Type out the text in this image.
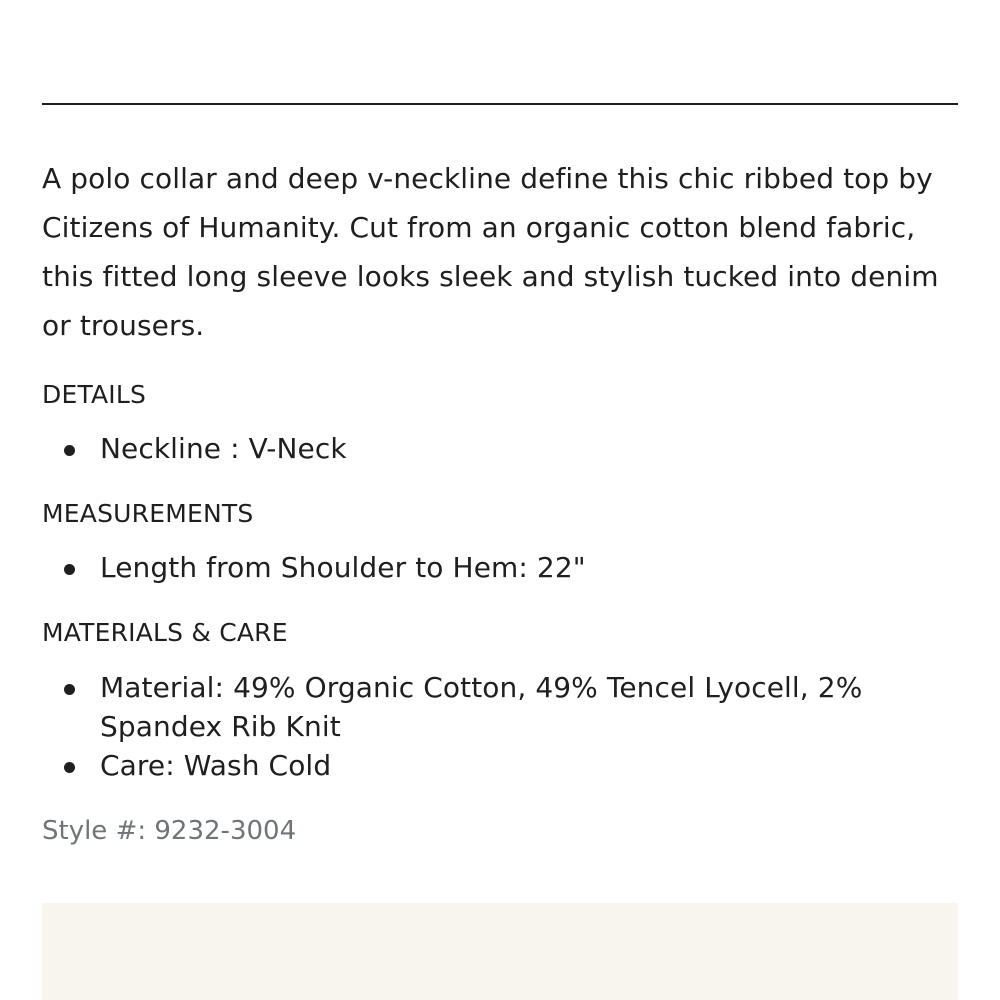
A polo collar and deep v-neckline define this chic ribbed top by Citizens of Humanity. Cut from an organic cotton blend fabric, this fitted long sleeve looks sleek and stylish tucked into denim or trousers.

DETAILS
Neckline : V-Neck
MEASUREMENTS
Length from Shoulder to Hem: 22"
MATERIALS & CARE
Material: 49% Organic Cotton, 49% Tencel Lyocell, 2% Spandex Rib Knit
Care: Wash Cold

Style #: 9232-3004
